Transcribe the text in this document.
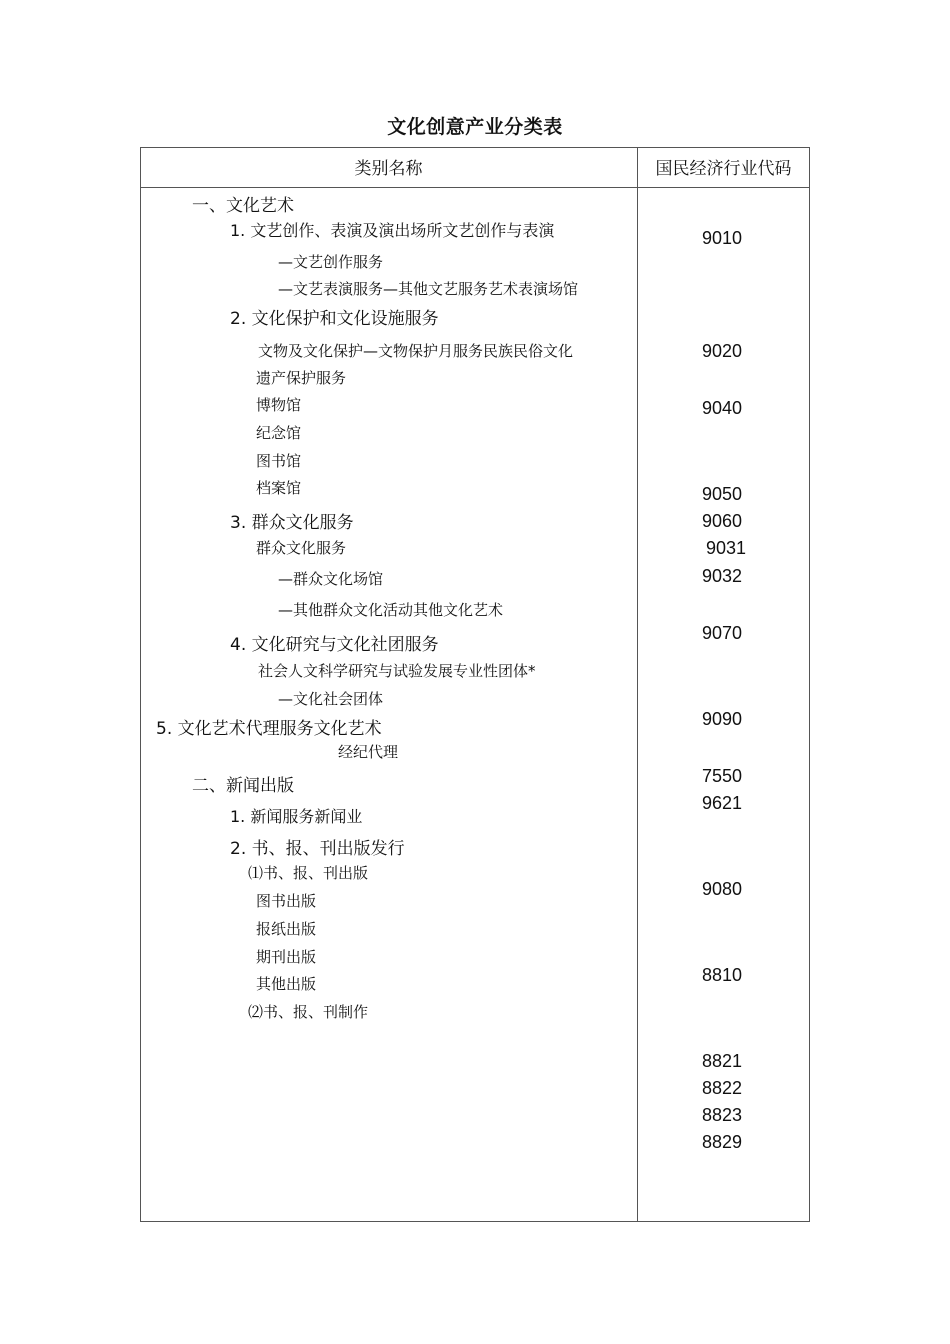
文化创意产业分类表
类别名称	国民经济行业代码
一、文化艺术
1. 文艺创作、表演及演出场所文艺创作与表演
—文艺创作服务
—文艺表演服务—其他文艺服务艺术表演场馆
2. 文化保护和文化设施服务
文物及文化保护—文物保护月服务民族民俗文化
遗产保护服务
博物馆
纪念馆
图书馆
档案馆
3. 群众文化服务
群众文化服务
—群众文化场馆
—其他群众文化活动其他文化艺术
4. 文化研究与文化社团服务
社会人文科学研究与试验发展专业性团体*
—文化社会团体
5. 文化艺术代理服务文化艺术
经纪代理
二、新闻出版
1. 新闻服务新闻业
2. 书、报、刊出版发行
⑴书、报、刊出版
图书出版
报纸出版
期刊出版
其他出版
⑵书、报、刊制作
9010
9020
9040
9050
9060
9031
9032
9070
9090
7550
9621
9080
8810
8821
8822
8823
8829
